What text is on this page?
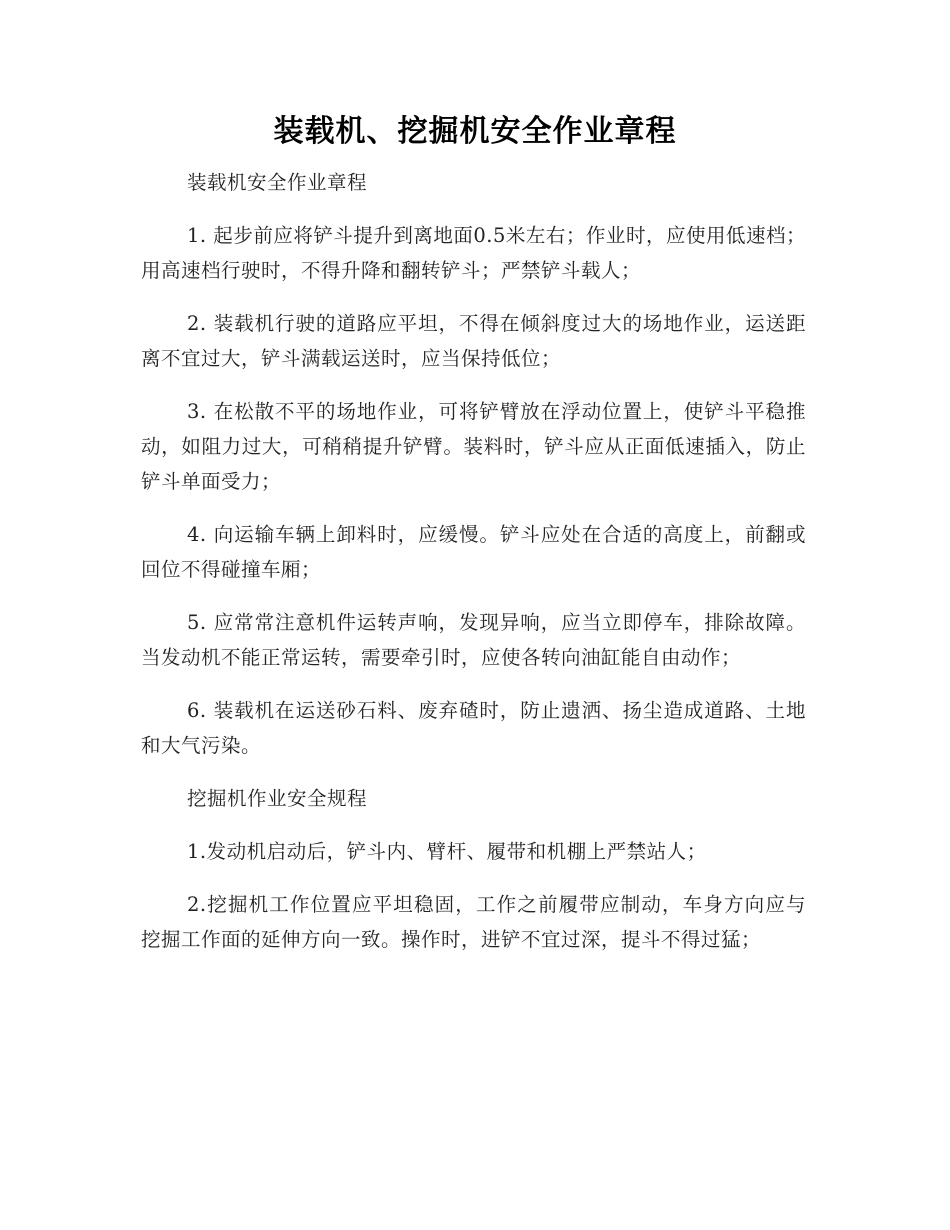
装载机、挖掘机安全作业章程

装载机安全作业章程

1. 起步前应将铲斗提升到离地面0.5米左右；作业时，应使用低速档；用高速档行驶时，不得升降和翻转铲斗；严禁铲斗载人；

2. 装载机行驶的道路应平坦，不得在倾斜度过大的场地作业，运送距离不宜过大，铲斗满载运送时，应当保持低位；

3. 在松散不平的场地作业，可将铲臂放在浮动位置上，使铲斗平稳推动，如阻力过大，可稍稍提升铲臂。装料时，铲斗应从正面低速插入，防止铲斗单面受力；

4. 向运输车辆上卸料时，应缓慢。铲斗应处在合适的高度上，前翻或回位不得碰撞车厢；

5. 应常常注意机件运转声响，发现异响，应当立即停车，排除故障。当发动机不能正常运转，需要牵引时，应使各转向油缸能自由动作；

6. 装载机在运送砂石料、废弃碴时，防止遗洒、扬尘造成道路、土地和大气污染。

挖掘机作业安全规程

1.发动机启动后，铲斗内、臂杆、履带和机棚上严禁站人；

2.挖掘机工作位置应平坦稳固，工作之前履带应制动，车身方向应与挖掘工作面的延伸方向一致。操作时，进铲不宜过深，提斗不得过猛；
